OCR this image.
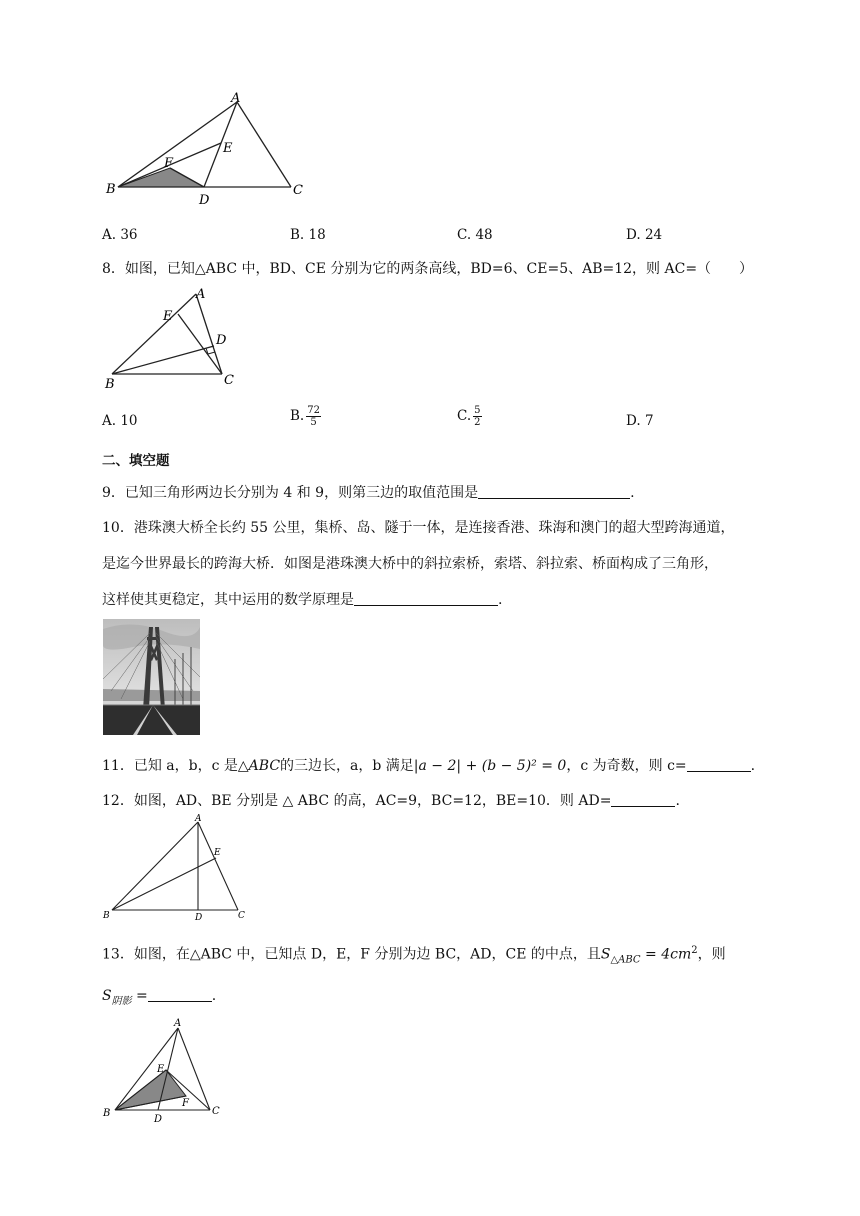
A
B	C
D
E
F
A. 36	B. 18	C. 48	D. 24
8．如图，已知△ABC 中，BD、CE 分别为它的两条高线，BD=6、CE=5、AB=12，则 AC=（　　）
A
B	C
D
E
A. 10	B. $\frac{72}{5}$	C. $\frac{5}{2}$	D. 7
二、填空题
9．已知三角形两边长分别为 4 和 9，则第三边的取值范围是	.
10．港珠澳大桥全长约 55 公里，集桥、岛、隧于一体，是连接香港、珠海和澳门的超大型跨海通道，
是迄今世界最长的跨海大桥．如图是港珠澳大桥中的斜拉索桥，索塔、斜拉索、桥面构成了三角形，
这样使其更稳定，其中运用的数学原理是	.
11．已知 a，b，c 是△ABC的三边长，a，b 满足|a − 2| + (b − 5)² = 0，c 为奇数，则 c=	.
12．如图，AD、BE 分别是 △ ABC 的高，AC=9，BC=12，BE=10．则 AD=	.
A
B	C
D
E
13．如图，在△ABC 中，已知点 D，E，F 分别为边 BC，AD，CE 的中点，且$S_{\triangle ABC} = 4cm^2$，则
$S_{阴影}$ =	.
A
B	C
D
E
F
